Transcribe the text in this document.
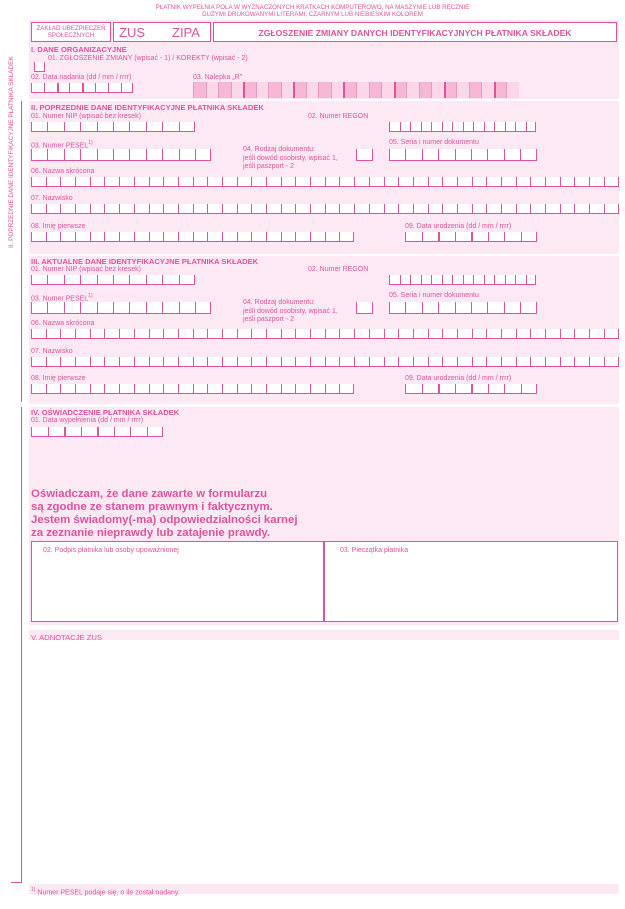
PŁATNIK WYPEŁNIA POLA W WYZNACZONYCH KRATKACH KOMPUTEROWO, NA MASZYNIE LUB RĘCZNIE
DUŻYMI DRUKOWANYMI LITERAMI, CZARNYM LUB NIEBIESKIM KOLOREM
ZAKŁAD UBEZPIECZEŃ
SPOŁECZNYCH	ZUS ZIPA	ZGŁOSZENIE ZMIANY DANYCH IDENTYFIKACYJNYCH PŁATNIKA SKŁADEK
I. DANE ORGANIZACYJNE
01. ZGŁOSZENIE ZMIANY (wpisać - 1) / KOREKTY (wpisać - 2)
02. Data nadania (dd / mm / rrrr)	03. Nalepka „R”
II. POPRZEDNIE DANE IDENTYFIKACYJNE PŁATNIKA SKŁADEK II. POPRZEDNIE DANE IDENTYFIKACYJNE PŁATNIKA SKŁADEK
01. Numer NIP (wpisać bez kresek)	02. Numer REGON
03. Numer PESEL$^{1)}$
04. Rodzaj dokumentu:
jeśli dowód osobisty, wpisać 1,
jeśli paszport - 2
05. Seria i numer dokumentu
06. Nazwa skrócona
07. Nazwisko
08. Imię pierwsze	09. Data urodzenia (dd / mm / rrrr)
III. AKTUALNE DANE IDENTYFIKACYJNE PŁATNIKA SKŁADEK
01. Numer NIP (wpisać bez kresek)	02. Numer REGON
03. Numer PESEL$^{1)}$
04. Rodzaj dokumentu:
jeśli dowód osobisty, wpisać 1,
jeśli paszport - 2
05. Seria i numer dokumentu
06. Nazwa skrócona
07. Nazwisko
08. Imię pierwsze	09. Data urodzenia (dd / mm / rrrr)
IV. OŚWIADCZENIE PŁATNIKA SKŁADEK
01. Data wypełnienia (dd / mm / rrrr)
Oświadczam, że dane zawarte w formularzu
są zgodne ze stanem prawnym i faktycznym.
Jestem świadomy(-ma) odpowiedzialności karnej
za zeznanie nieprawdy lub zatajenie prawdy.
02. Podpis płatnika lub osoby upoważnionej	03. Pieczątka płatnika
V. ADNOTACJE ZUS
$^{1)}$ Numer PESEL podaje się, o ile został nadany.
